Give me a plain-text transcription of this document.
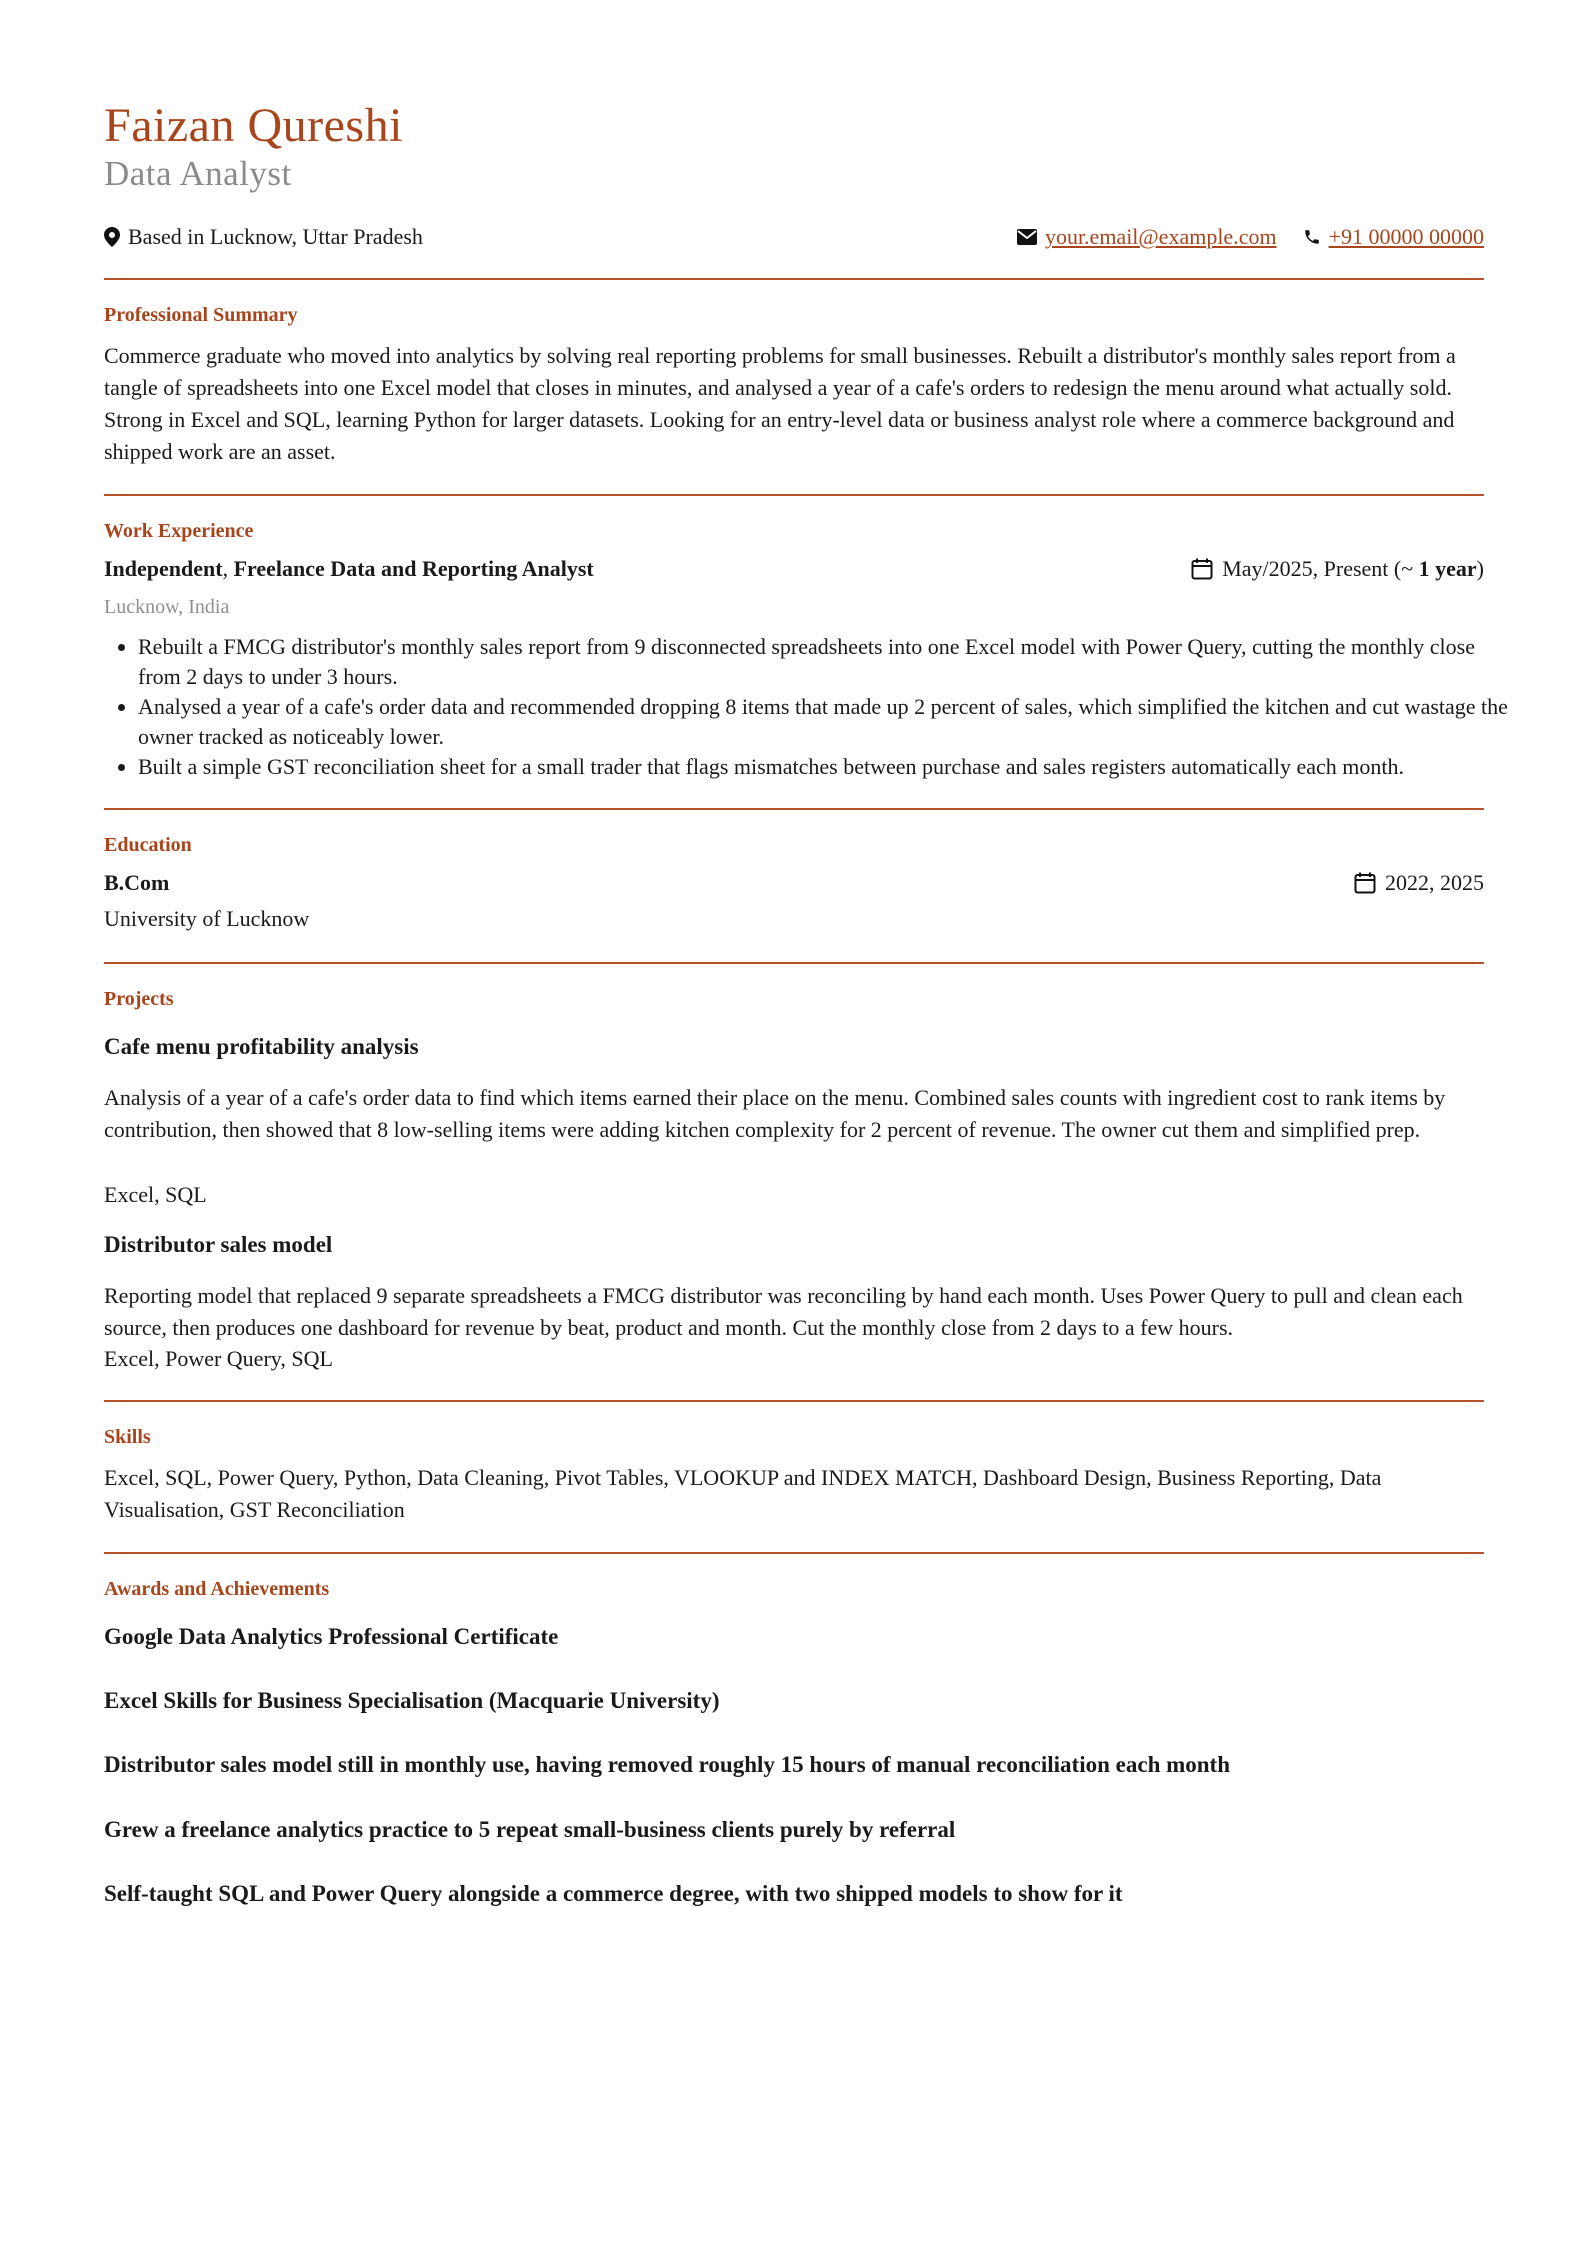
Faizan Qureshi
Data Analyst
Based in Lucknow, Uttar Pradesh	your.email@example.com +91 00000 00000
Professional Summary
Commerce graduate who moved into analytics by solving real reporting problems for small businesses. Rebuilt a distributor's monthly sales report from a tangle of spreadsheets into one Excel model that closes in minutes, and analysed a year of a cafe's orders to redesign the menu around what actually sold. Strong in Excel and SQL, learning Python for larger datasets. Looking for an entry-level data or business analyst role where a commerce background and shipped work are an asset.
Work Experience
Independent, Freelance Data and Reporting Analyst	May/2025, Present (~ 1 year)
Lucknow, India
• Rebuilt a FMCG distributor's monthly sales report from 9 disconnected spreadsheets into one Excel model with Power Query, cutting the monthly close from 2 days to under 3 hours.
• Analysed a year of a cafe's order data and recommended dropping 8 items that made up 2 percent of sales, which simplified the kitchen and cut wastage the owner tracked as noticeably lower.
• Built a simple GST reconciliation sheet for a small trader that flags mismatches between purchase and sales registers automatically each month.
Education
B.Com	2022, 2025
University of Lucknow
Projects
Cafe menu profitability analysis
Analysis of a year of a cafe's order data to find which items earned their place on the menu. Combined sales counts with ingredient cost to rank items by contribution, then showed that 8 low-selling items were adding kitchen complexity for 2 percent of revenue. The owner cut them and simplified prep.
Excel, SQL
Distributor sales model
Reporting model that replaced 9 separate spreadsheets a FMCG distributor was reconciling by hand each month. Uses Power Query to pull and clean each source, then produces one dashboard for revenue by beat, product and month. Cut the monthly close from 2 days to a few hours.
Excel, Power Query, SQL
Skills
Excel, SQL, Power Query, Python, Data Cleaning, Pivot Tables, VLOOKUP and INDEX MATCH, Dashboard Design, Business Reporting, Data Visualisation, GST Reconciliation
Awards and Achievements
Google Data Analytics Professional Certificate
Excel Skills for Business Specialisation (Macquarie University)
Distributor sales model still in monthly use, having removed roughly 15 hours of manual reconciliation each month
Grew a freelance analytics practice to 5 repeat small-business clients purely by referral
Self-taught SQL and Power Query alongside a commerce degree, with two shipped models to show for it
